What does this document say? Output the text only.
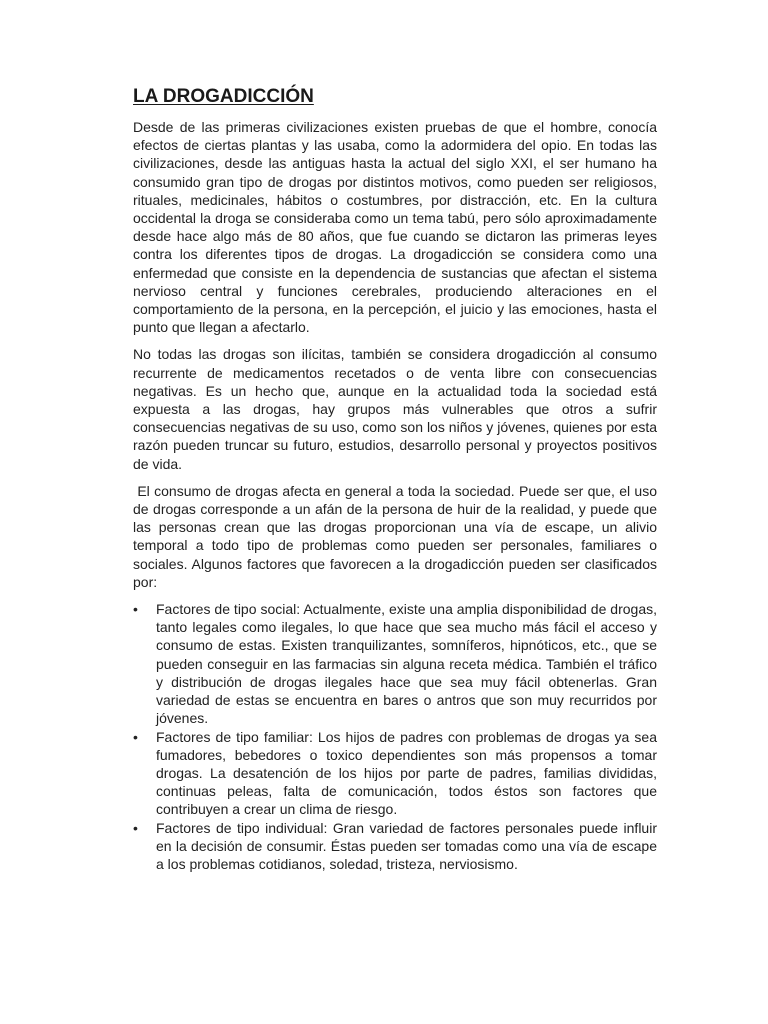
LA DROGADICCIÓN

Desde de las primeras civilizaciones existen pruebas de que el hombre, conocía efectos de ciertas plantas y las usaba, como la adormidera del opio. En todas las civilizaciones, desde las antiguas hasta la actual del siglo XXI, el ser humano ha consumido gran tipo de drogas por distintos motivos, como pueden ser religiosos, rituales, medicinales, hábitos o costumbres, por distracción, etc. En la cultura occidental la droga se consideraba como un tema tabú, pero sólo aproximadamente desde hace algo más de 80 años, que fue cuando se dictaron las primeras leyes contra los diferentes tipos de drogas. La drogadicción se considera como una enfermedad que consiste en la dependencia de sustancias que afectan el sistema nervioso central y funciones cerebrales, produciendo alteraciones en el comportamiento de la persona, en la percepción, el juicio y las emociones, hasta el punto que llegan a afectarlo.

No todas las drogas son ilícitas, también se considera drogadicción al consumo recurrente de medicamentos recetados o de venta libre con consecuencias negativas. Es un hecho que, aunque en la actualidad toda la sociedad está expuesta a las drogas, hay grupos más vulnerables que otros a sufrir consecuencias negativas de su uso, como son los niños y jóvenes, quienes por esta razón pueden truncar su futuro, estudios, desarrollo personal y proyectos positivos de vida.

El consumo de drogas afecta en general a toda la sociedad. Puede ser que, el uso de drogas corresponde a un afán de la persona de huir de la realidad, y puede que las personas crean que las drogas proporcionan una vía de escape, un alivio temporal a todo tipo de problemas como pueden ser personales, familiares o sociales. Algunos factores que favorecen a la drogadicción pueden ser clasificados por:

•	Factores de tipo social: Actualmente, existe una amplia disponibilidad de drogas, tanto legales como ilegales, lo que hace que sea mucho más fácil el acceso y consumo de estas. Existen tranquilizantes, somníferos, hipnóticos, etc., que se pueden conseguir en las farmacias sin alguna receta médica. También el tráfico y distribución de drogas ilegales hace que sea muy fácil obtenerlas. Gran variedad de estas se encuentra en bares o antros que son muy recurridos por jóvenes.
•	Factores de tipo familiar: Los hijos de padres con problemas de drogas ya sea fumadores, bebedores o toxico dependientes son más propensos a tomar drogas. La desatención de los hijos por parte de padres, familias divididas, continuas peleas, falta de comunicación, todos éstos son factores que contribuyen a crear un clima de riesgo.
•	Factores de tipo individual: Gran variedad de factores personales puede influir en la decisión de consumir. Éstas pueden ser tomadas como una vía de escape a los problemas cotidianos, soledad, tristeza, nerviosismo.
